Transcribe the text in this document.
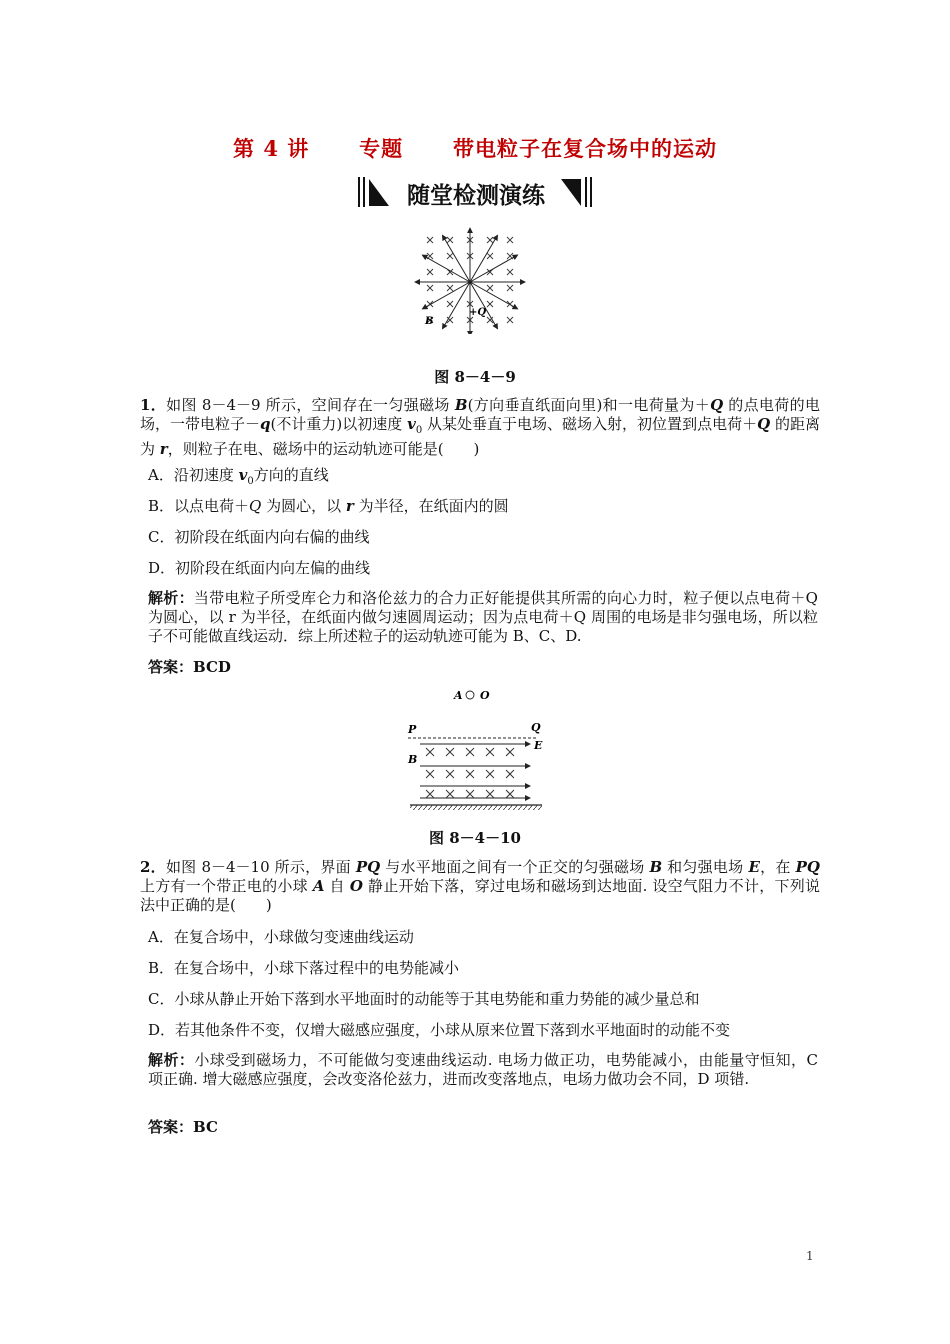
第 4 讲      专题      带电粒子在复合场中的运动
随堂检测演练
B
+Q
图 8－4－9
1．如图 8－4－9 所示，空间存在一匀强磁场 B(方向垂直纸面向里)和一电荷量为＋Q 的点电荷的电场，一带电粒子－q(不计重力)以初速度 $v_0$ 从某处垂直于电场、磁场入射，初位置到点电荷＋Q 的距离为 r，则粒子在电、磁场中的运动轨迹可能是(　　)
A．沿初速度 $v_0$方向的直线
B．以点电荷＋Q 为圆心，以 r 为半径，在纸面内的圆
C．初阶段在纸面内向右偏的曲线
D．初阶段在纸面内向左偏的曲线
解析：当带电粒子所受库仑力和洛伦兹力的合力正好能提供其所需的向心力时，粒子便以点电荷＋Q 为圆心，以 r 为半径，在纸面内做匀速圆周运动；因为点电荷＋Q 周围的电场是非匀强电场，所以粒子不可能做直线运动．综上所述粒子的运动轨迹可能为 B、C、D.
答案：BCD
A O
P	Q
E
B
图 8－4－10
2．如图 8－4－10 所示，界面 PQ 与水平地面之间有一个正交的匀强磁场 B 和匀强电场 E，在 PQ 上方有一个带正电的小球 A 自 O 静止开始下落，穿过电场和磁场到达地面. 设空气阻力不计，下列说法中正确的是(　　)
A．在复合场中，小球做匀变速曲线运动
B．在复合场中，小球下落过程中的电势能减小
C．小球从静止开始下落到水平地面时的动能等于其电势能和重力势能的减少量总和
D．若其他条件不变，仅增大磁感应强度，小球从原来位置下落到水平地面时的动能不变
解析：小球受到磁场力，不可能做匀变速曲线运动. 电场力做正功，电势能减小，由能量守恒知，C 项正确. 增大磁感应强度，会改变洛伦兹力，进而改变落地点，电场力做功会不同，D 项错.
答案：BC
1
